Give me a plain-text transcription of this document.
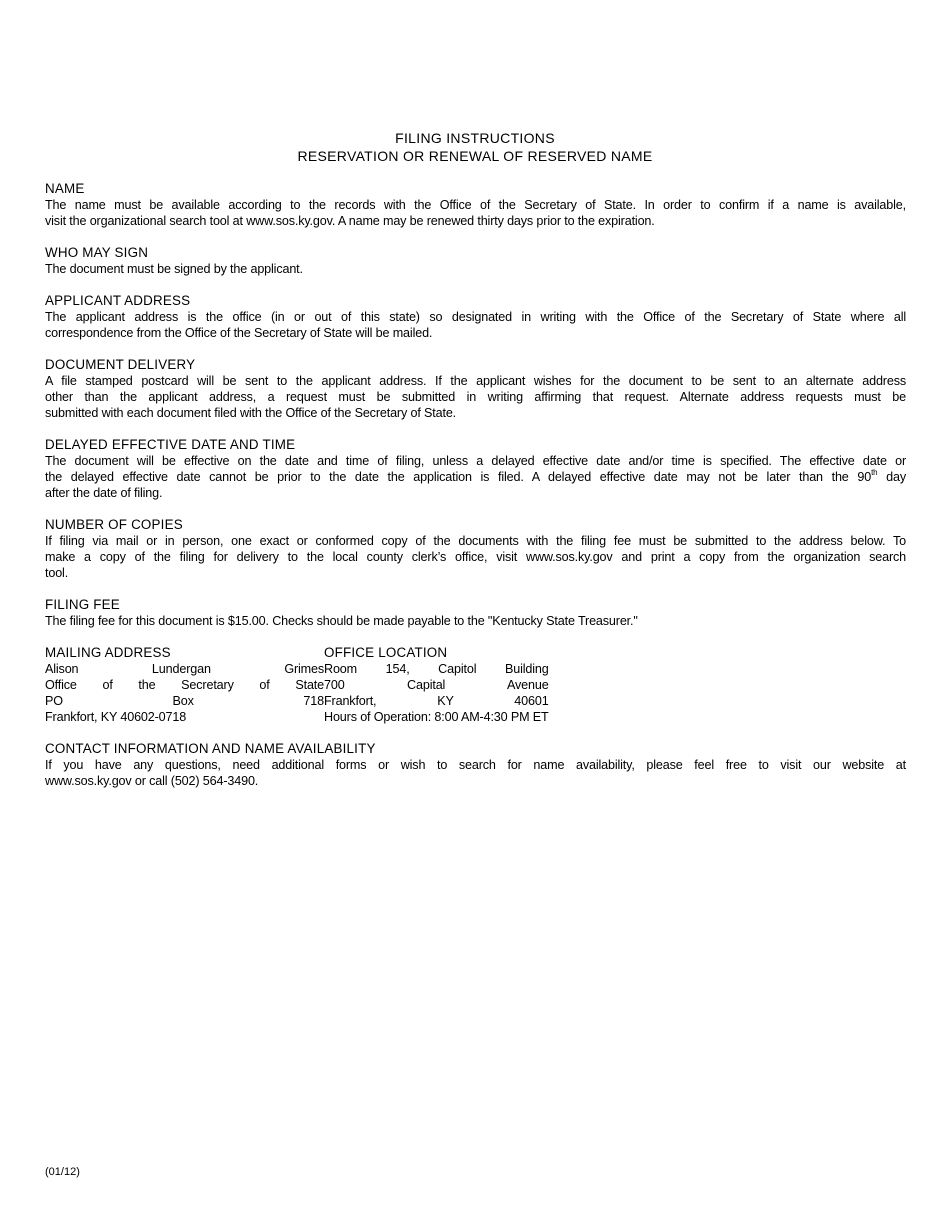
FILING INSTRUCTIONS
RESERVATION OR RENEWAL OF RESERVED NAME
NAME
The name must be available according to the records with the Office of the Secretary of State. In order to confirm if a name is available,
visit the organizational search tool at www.sos.ky.gov. A name may be renewed thirty days prior to the expiration.
WHO MAY SIGN
The document must be signed by the applicant.
APPLICANT ADDRESS
The applicant address is the office (in or out of this state) so designated in writing with the Office of the Secretary of State where all
correspondence from the Office of the Secretary of State will be mailed.
DOCUMENT DELIVERY
A file stamped postcard will be sent to the applicant address. If the applicant wishes for the document to be sent to an alternate address
other than the applicant address, a request must be submitted in writing affirming that request. Alternate address requests must be
submitted with each document filed with the Office of the Secretary of State.
DELAYED EFFECTIVE DATE AND TIME
The document will be effective on the date and time of filing, unless a delayed effective date and/or time is specified. The effective date or
the delayed effective date cannot be prior to the date the application is filed. A delayed effective date may not be later than the 90th day
after the date of filing.
NUMBER OF COPIES
If filing via mail or in person, one exact or conformed copy of the documents with the filing fee must be submitted to the address below. To
make a copy of the filing for delivery to the local county clerk’s office, visit www.sos.ky.gov and print a copy from the organization search
tool.
FILING FEE
The filing fee for this document is $15.00. Checks should be made payable to the "Kentucky State Treasurer."
MAILING ADDRESS
Alison Lundergan Grimes
Office of the Secretary of State
PO Box 718
Frankfort, KY 40602-0718
OFFICE LOCATION
Room 154, Capitol Building
700 Capital Avenue
Frankfort, KY 40601
Hours of Operation: 8:00 AM-4:30 PM ET
CONTACT INFORMATION AND NAME AVAILABILITY
If you have any questions, need additional forms or wish to search for name availability, please feel free to visit our website at
www.sos.ky.gov or call (502) 564-3490.
(01/12)
